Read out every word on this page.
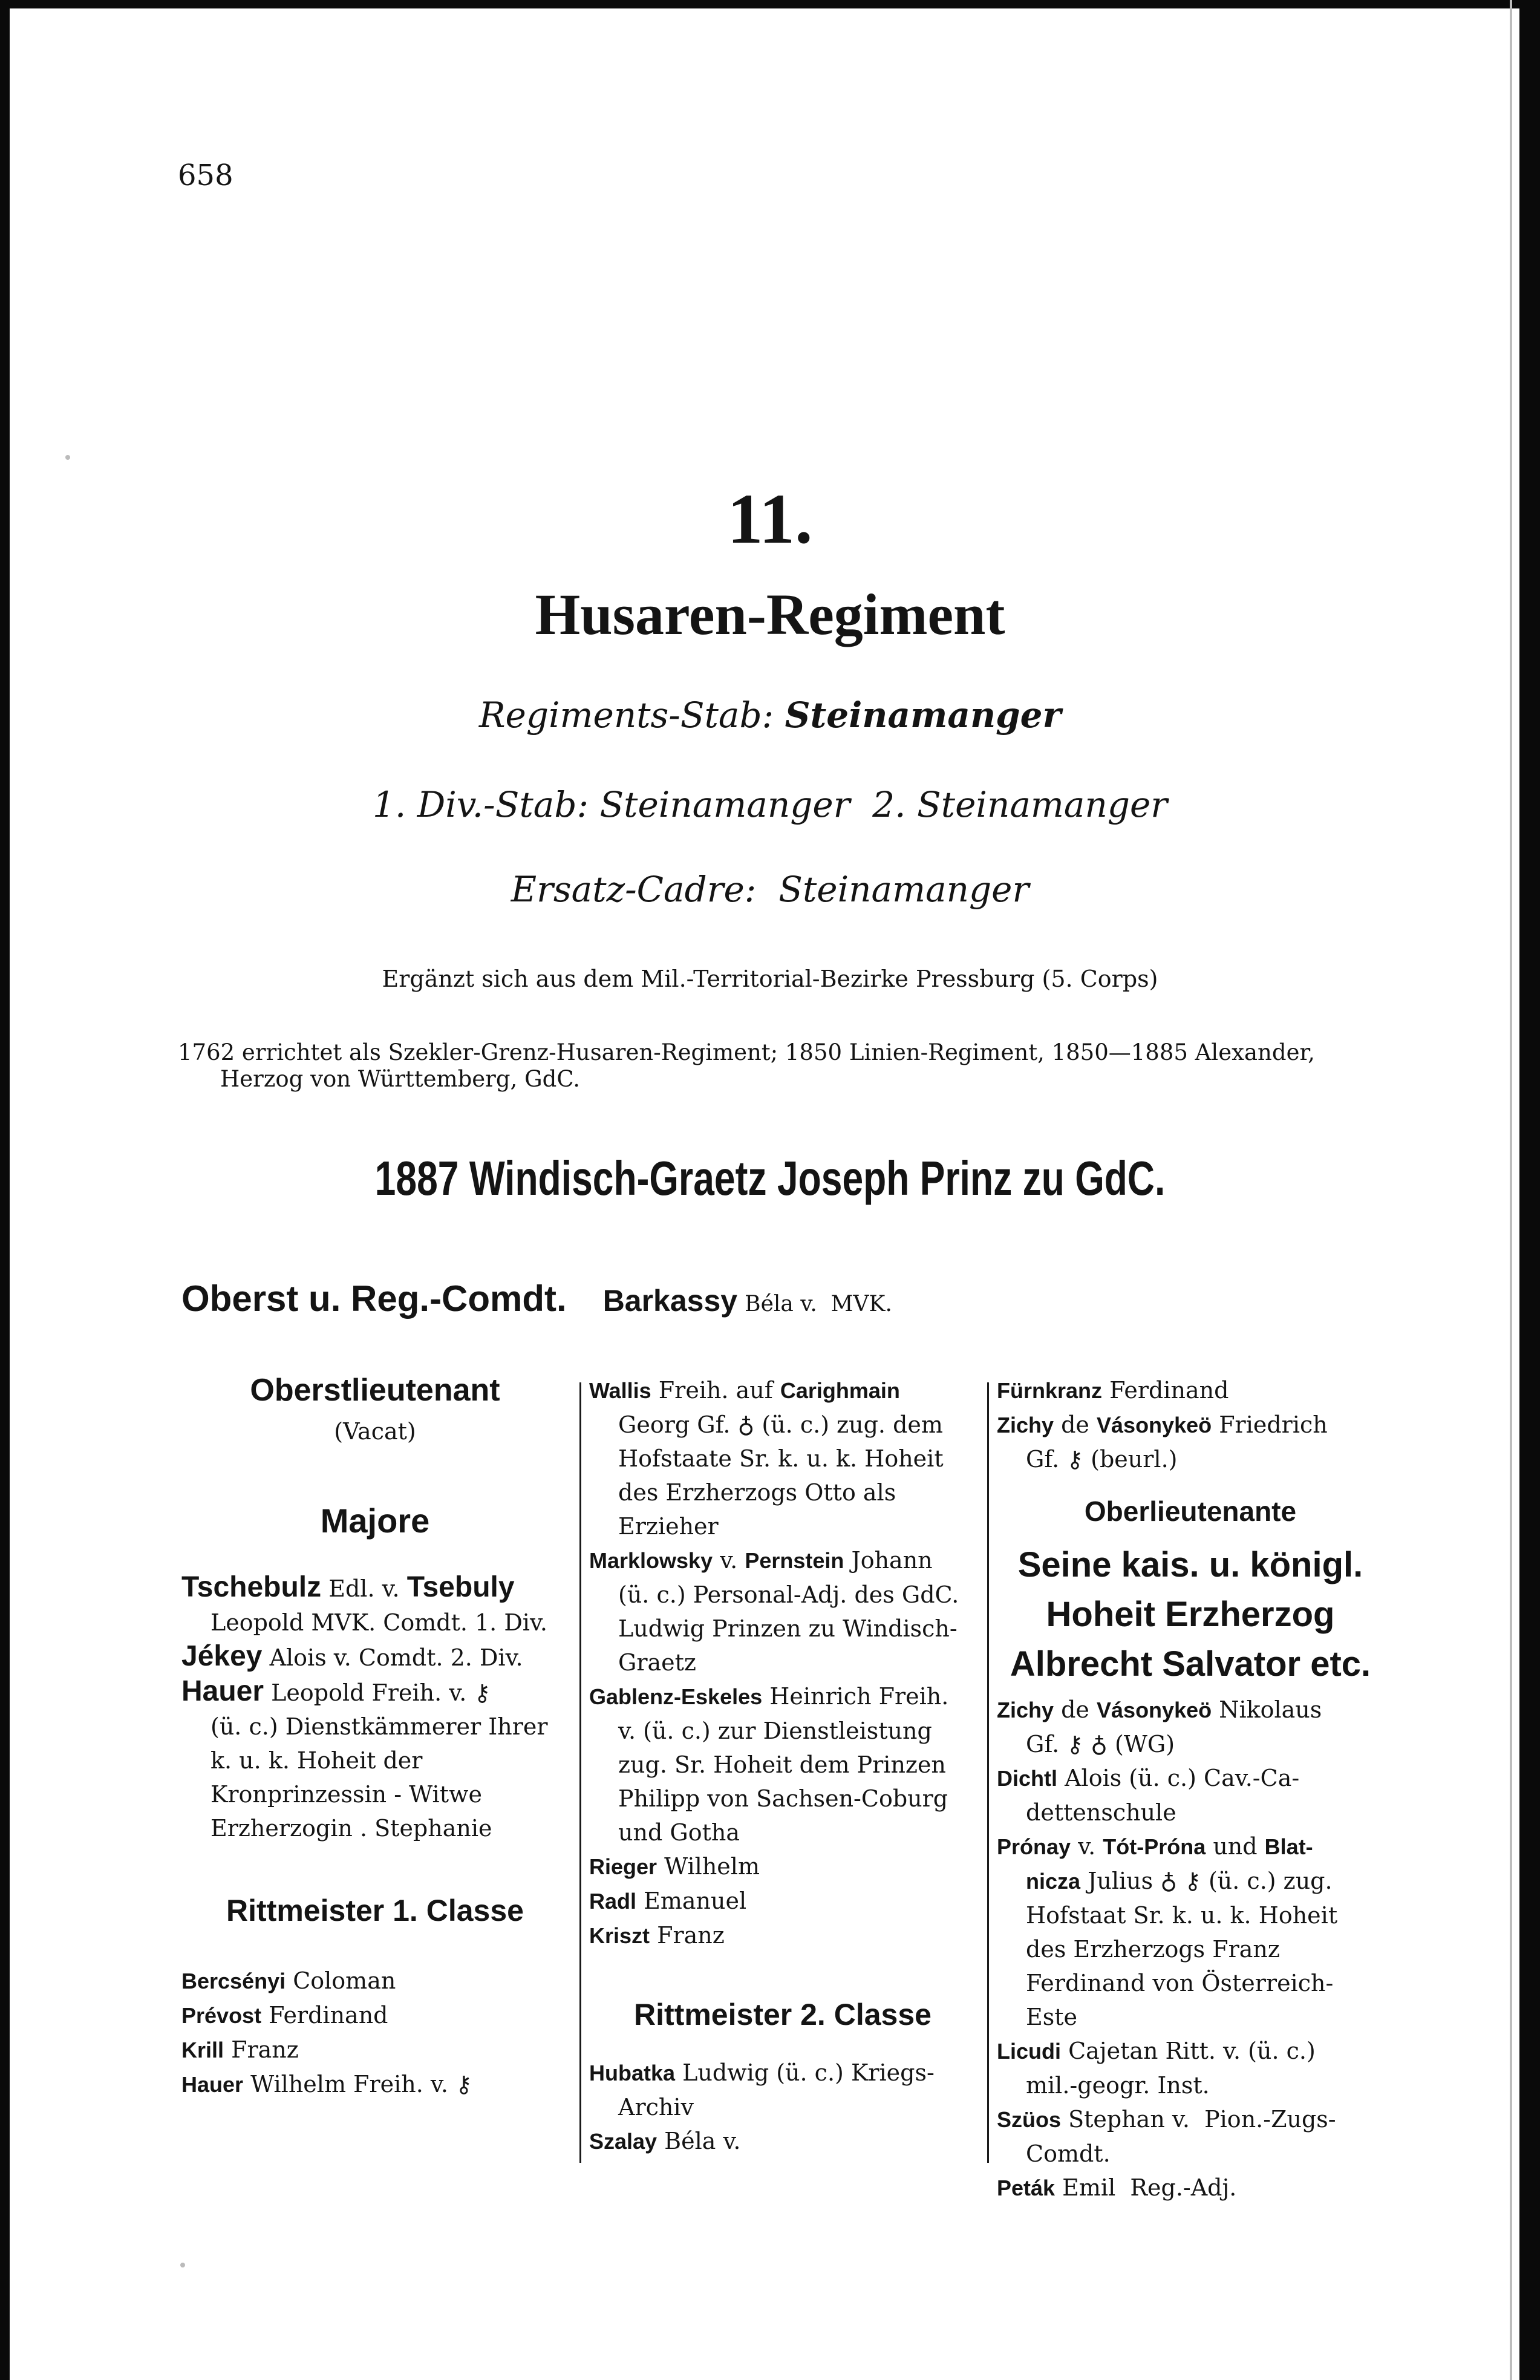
658
11.
Husaren-Regiment
Regiments-Stab: Steinamanger
1. Div.-Stab: Steinamanger  2. Steinamanger
Ersatz-Cadre:  Steinamanger
Ergänzt sich aus dem Mil.-Territorial-Bezirke Pressburg (5. Corps)
1762 errichtet als Szekler-Grenz-Husaren-Regiment; 1850 Linien-Regiment, 1850—1885 Alexander,
Herzog von Württemberg, GdC.
1887 Windisch-Graetz Joseph Prinz zu GdC.
Oberst u. Reg.-Comdt. Barkassy Béla v.  MVK.
Oberstlieutenant
(Vacat)
Majore
Tschebulz Edl. v. Tsebuly
Leopold MVK. Comdt. 1. Div.
Jékey Alois v. Comdt. 2. Div.
Hauer Leopold Freih. v. ⚷
(ü. c.) Dienstkämmerer Ihrer k. u. k. Hoheit der Kronprinzessin - Witwe Erzherzogin . Stephanie
Rittmeister 1. Classe
Bercsényi Coloman
Prévost Ferdinand
Krill Franz
Hauer Wilhelm Freih. v. ⚷
Wallis Freih. auf Carighmain
Georg Gf. ♁ (ü. c.) zug. dem Hofstaate Sr. k. u. k. Hoheit des Erzherzogs Otto als Erzieher
Marklowsky v. Pernstein Johann
(ü. c.) Personal-Adj. des GdC. Ludwig Prinzen zu Windisch-Graetz
Gablenz-Eskeles Heinrich Freih.
v. (ü. c.) zur Dienstleistung zug. Sr. Hoheit dem Prinzen Philipp von Sachsen-Coburg und Gotha
Rieger Wilhelm
Radl Emanuel
Kriszt Franz
Rittmeister 2. Classe
Hubatka Ludwig (ü. c.) Kriegs-
Archiv
Szalay Béla v.
Fürnkranz Ferdinand
Zichy de Vásonykeö Friedrich
Gf. ⚷ (beurl.)
Oberlieutenante
Seine kais. u. königl. Hoheit Erzherzog Albrecht Salvator etc.
Zichy de Vásonykeö Nikolaus
Gf. ⚷ ♁ (WG)
Dichtl Alois (ü. c.) Cav.-Ca-
dettenschule
Prónay v. Tót-Próna und Blat-
nicza Julius ♁ ⚷ (ü. c.) zug. Hofstaat Sr. k. u. k. Hoheit des Erzherzogs Franz Ferdinand von Österreich-Este
Licudi Cajetan Ritt. v. (ü. c.)
mil.-geogr. Inst.
Szüos Stephan v.  Pion.-Zugs-
Comdt.
Peták Emil  Reg.-Adj.
